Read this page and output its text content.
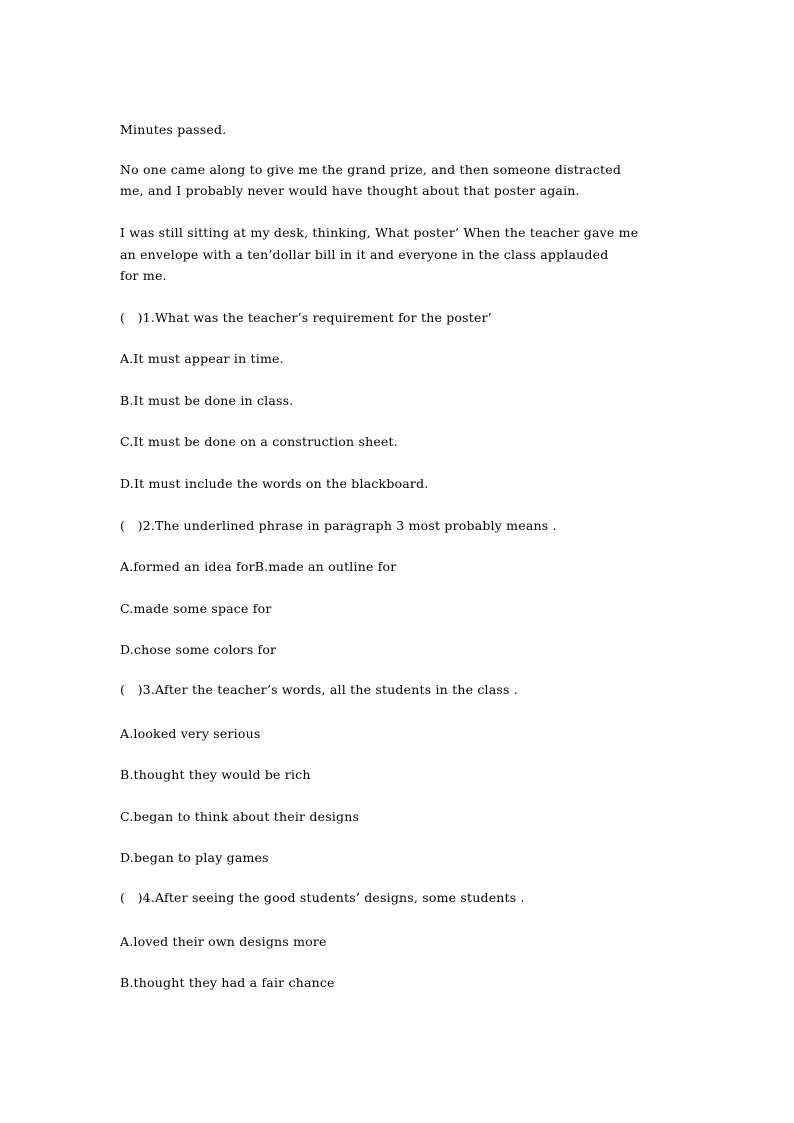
Minutes passed.
No one came along to give me the grand prize, and then someone distracted
me, and I probably never would have thought about that poster again.
I was still sitting at my desk, thinking, What poster’ When the teacher gave me
an envelope with a ten’dollar bill in it and everyone in the class applauded
for me.
(   )1.What was the teacher’s requirement for the poster’
A.It must appear in time.
B.It must be done in class.
C.It must be done on a construction sheet.
D.It must include the words on the blackboard.
(   )2.The underlined phrase in paragraph 3 most probably means .
A.formed an idea forB.made an outline for
C.made some space for
D.chose some colors for
(   )3.After the teacher’s words, all the students in the class .
A.looked very serious
B.thought they would be rich
C.began to think about their designs
D.began to play games
(   )4.After seeing the good students’ designs, some students .
A.loved their own designs more
B.thought they had a fair chance
